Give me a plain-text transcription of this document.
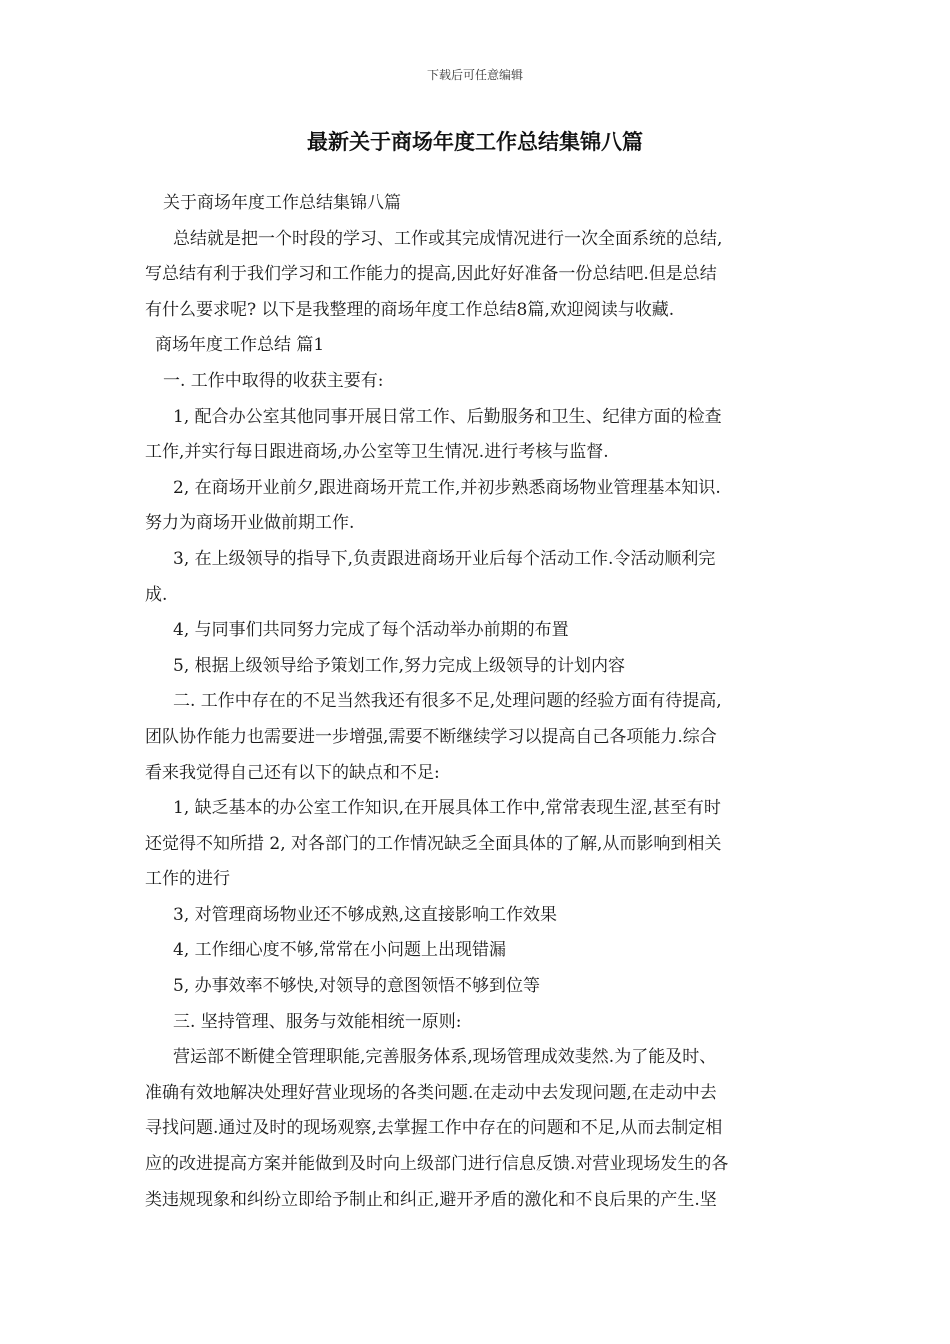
下载后可任意编辑
最新关于商场年度工作总结集锦八篇
关于商场年度工作总结集锦八篇
总结就是把一个时段的学习、工作或其完成情况进行一次全面系统的总结,
写总结有利于我们学习和工作能力的提高,因此好好准备一份总结吧.但是总结
有什么要求呢? 以下是我整理的商场年度工作总结8篇,欢迎阅读与收藏.
商场年度工作总结 篇1
一. 工作中取得的收获主要有:
1, 配合办公室其他同事开展日常工作、后勤服务和卫生、纪律方面的检查
工作,并实行每日跟进商场,办公室等卫生情况.进行考核与监督.
2, 在商场开业前夕,跟进商场开荒工作,并初步熟悉商场物业管理基本知识.
努力为商场开业做前期工作.
3, 在上级领导的指导下,负责跟进商场开业后每个活动工作.令活动顺利完
成.
4, 与同事们共同努力完成了每个活动举办前期的布置
5, 根据上级领导给予策划工作,努力完成上级领导的计划内容
二. 工作中存在的不足当然我还有很多不足,处理问题的经验方面有待提高,
团队协作能力也需要进一步增强,需要不断继续学习以提高自己各项能力.综合
看来我觉得自己还有以下的缺点和不足:
1, 缺乏基本的办公室工作知识,在开展具体工作中,常常表现生涩,甚至有时
还觉得不知所措 2, 对各部门的工作情况缺乏全面具体的了解,从而影响到相关
工作的进行
3, 对管理商场物业还不够成熟,这直接影响工作效果
4, 工作细心度不够,常常在小问题上出现错漏
5, 办事效率不够快,对领导的意图领悟不够到位等
三. 坚持管理、服务与效能相统一原则:
营运部不断健全管理职能,完善服务体系,现场管理成效斐然.为了能及时、
准确有效地解决处理好营业现场的各类问题.在走动中去发现问题,在走动中去
寻找问题.通过及时的现场观察,去掌握工作中存在的问题和不足,从而去制定相
应的改进提高方案并能做到及时向上级部门进行信息反馈.对营业现场发生的各
类违规现象和纠纷立即给予制止和纠正,避开矛盾的激化和不良后果的产生.坚
